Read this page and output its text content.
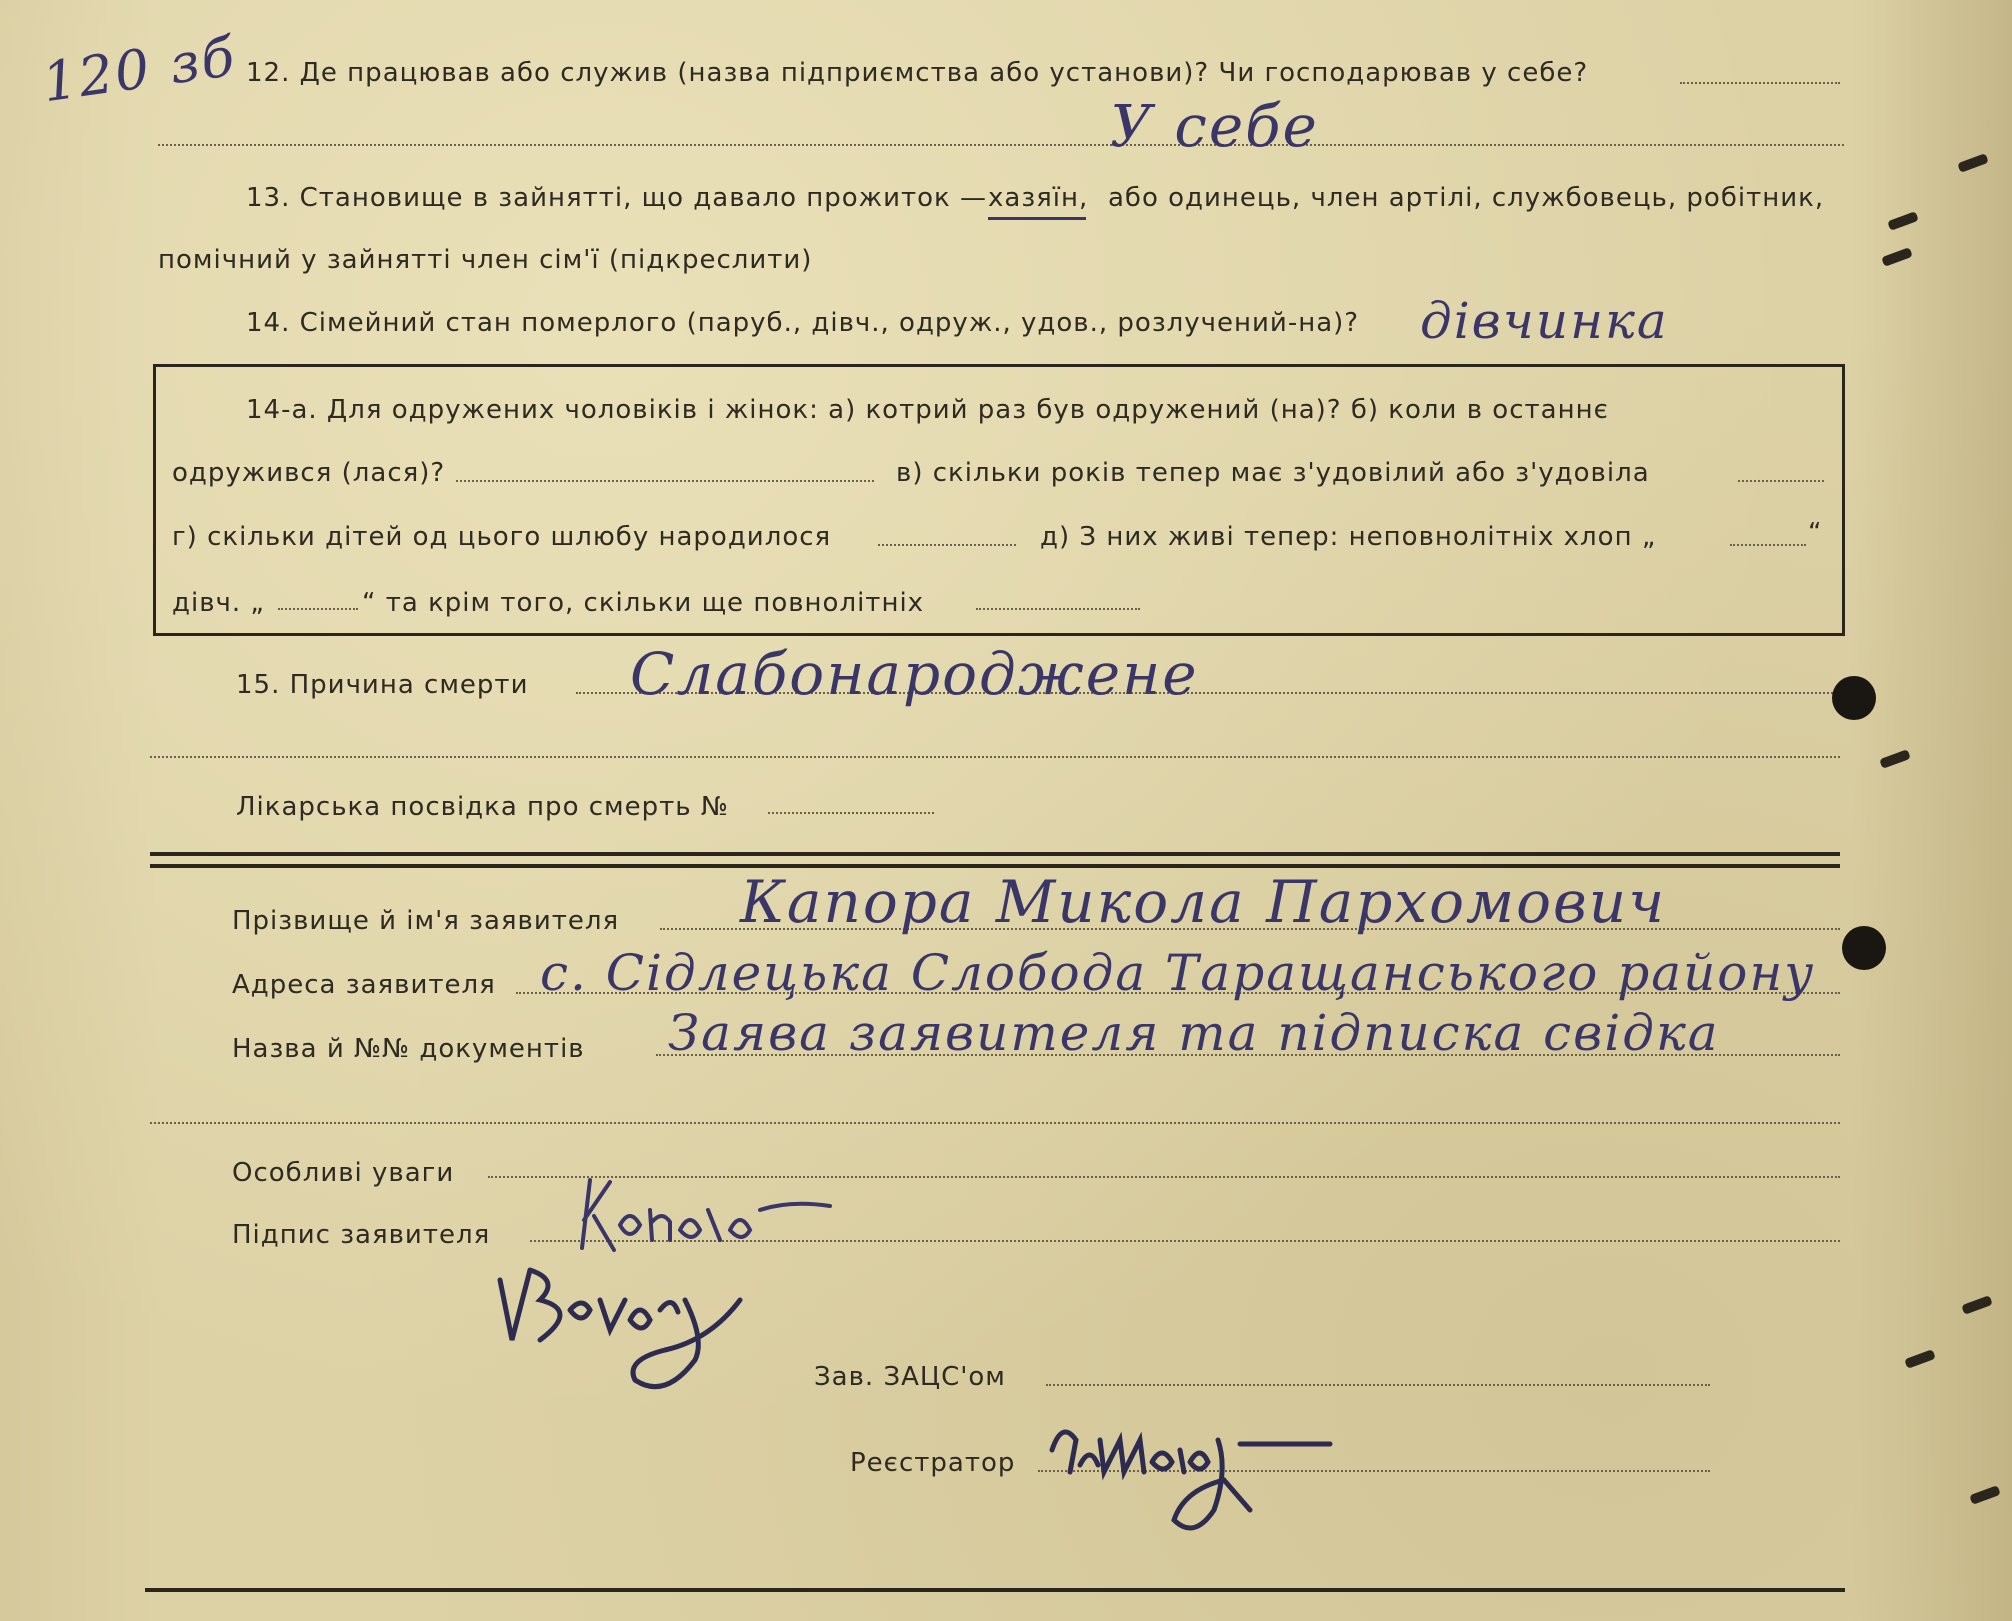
120 зб 12. Де працював або служив (назва підприємства або установи)? Чи господарював у себе?
У себе
13. Становище в зайнятті, що давало прожиток — хазяїн, або одинець, член артілі, службовець, робітник,
помічний у зайнятті член сім'ї (підкреслити)
14. Сімейний стан померлого (паруб., дівч., одруж., удов., розлучений-на)? дівчинка
14-а. Для одружених чоловіків і жінок: а) котрий раз був одружений (на)? б) коли в останнє
одружився (лася)?	в) скільки років тепер має з'удовілий або з'удовіла
г) скільки дітей од цього шлюбу народилося	д) З них живі тепер: неповнолітніх хлоп „	“
дівч. „	“ та крім того, скільки ще повнолітніх
15. Причина смерти Слабонароджене
Лікарська посвідка про смерть №
Прізвище й ім'я заявителя Капора Микола Пархомович
Адреса заявителя с. Сідлецька Слобода Таращанського району
Назва й №№ документів Заява заявителя та підписка свідка
Особливі уваги
Підпис заявителя
Зав. ЗАЦС'ом
Реєстратор
